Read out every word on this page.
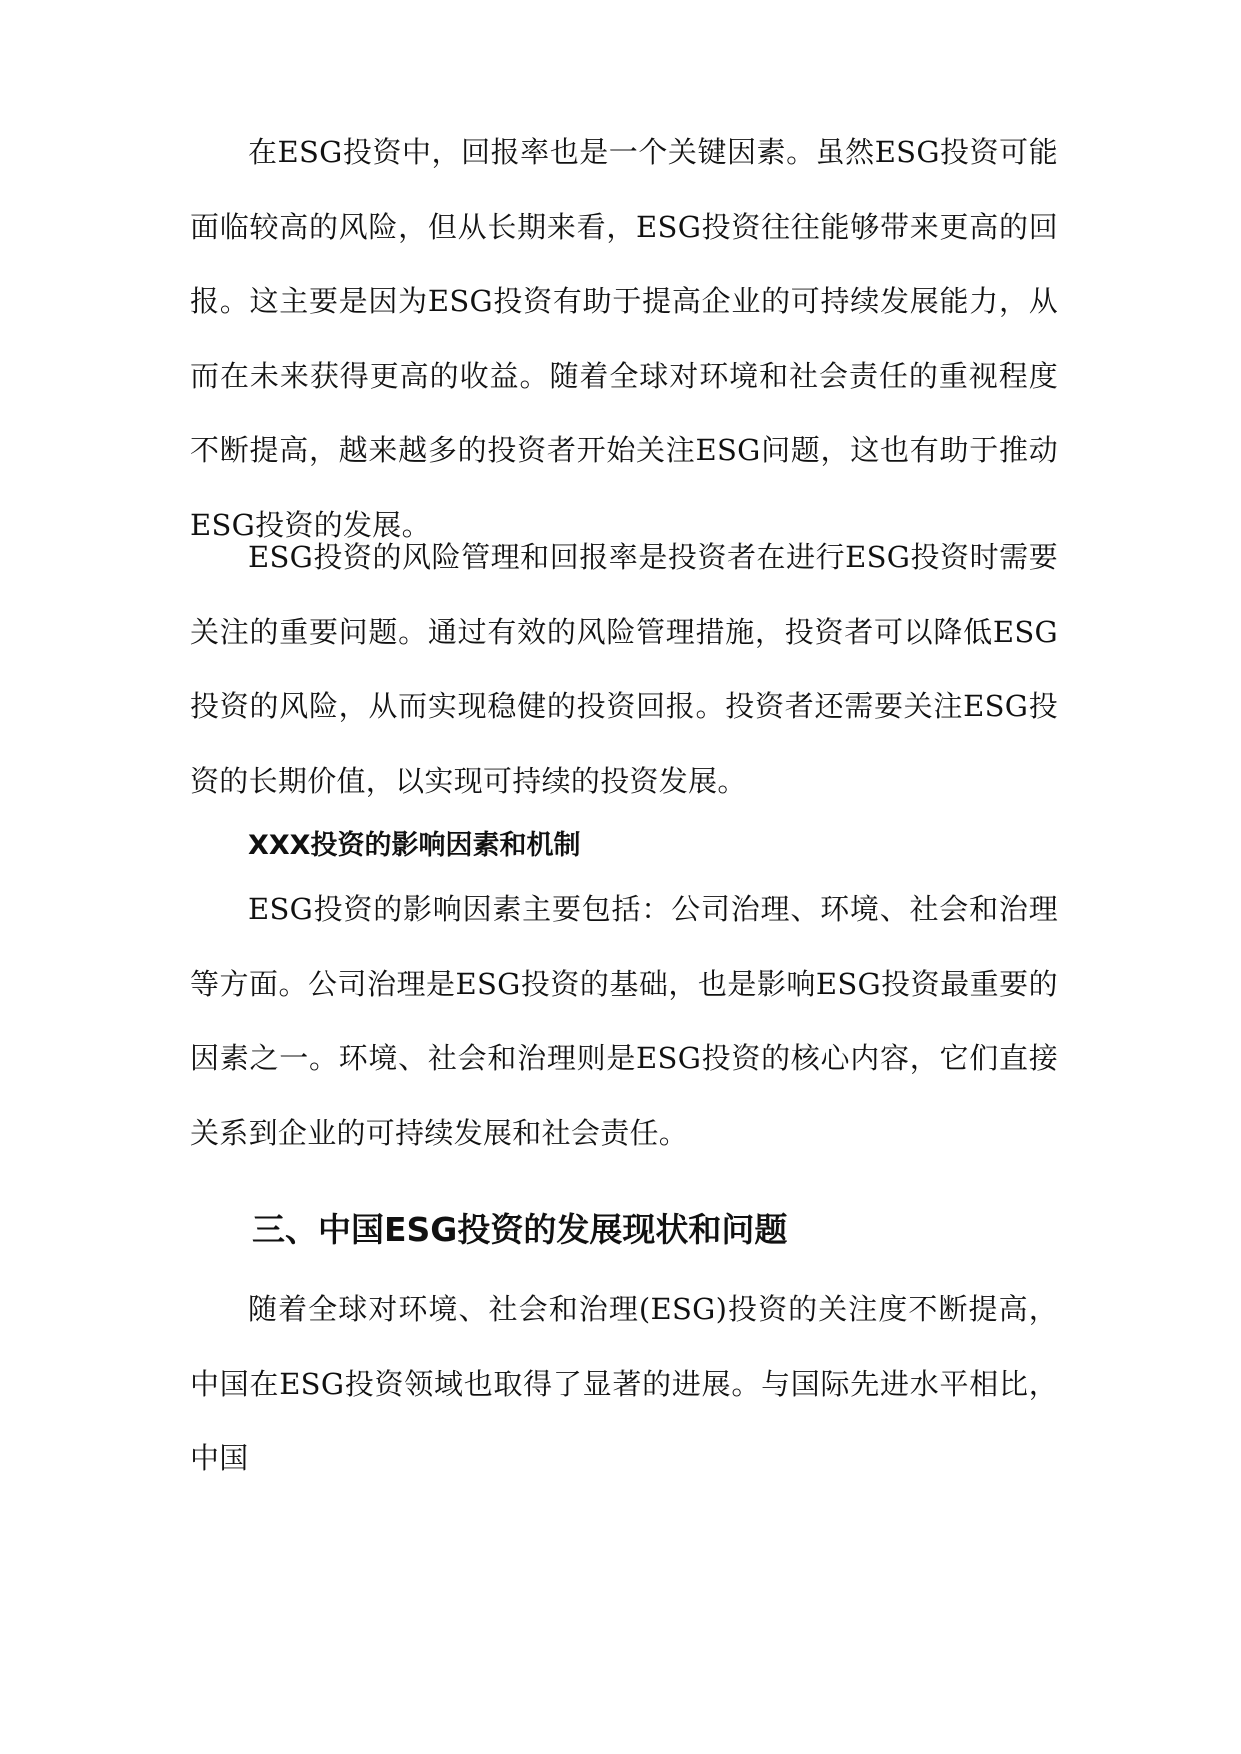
在ESG投资中，回报率也是一个关键因素。虽然ESG投资可能面临较高的风险，但从长期来看，ESG投资往往能够带来更高的回报。这主要是因为ESG投资有助于提高企业的可持续发展能力，从而在未来获得更高的收益。随着全球对环境和社会责任的重视程度不断提高，越来越多的投资者开始关注ESG问题，这也有助于推动ESG投资的发展。

ESG投资的风险管理和回报率是投资者在进行ESG投资时需要关注的重要问题。通过有效的风险管理措施，投资者可以降低ESG投资的风险，从而实现稳健的投资回报。投资者还需要关注ESG投资的长期价值，以实现可持续的投资发展。

XXX投资的影响因素和机制

ESG投资的影响因素主要包括：公司治理、环境、社会和治理等方面。公司治理是ESG投资的基础，也是影响ESG投资最重要的因素之一。环境、社会和治理则是ESG投资的核心内容，它们直接关系到企业的可持续发展和社会责任。

三、中国ESG投资的发展现状和问题

随着全球对环境、社会和治理(ESG)投资的关注度不断提高，中国在ESG投资领域也取得了显著的进展。与国际先进水平相比，中国
